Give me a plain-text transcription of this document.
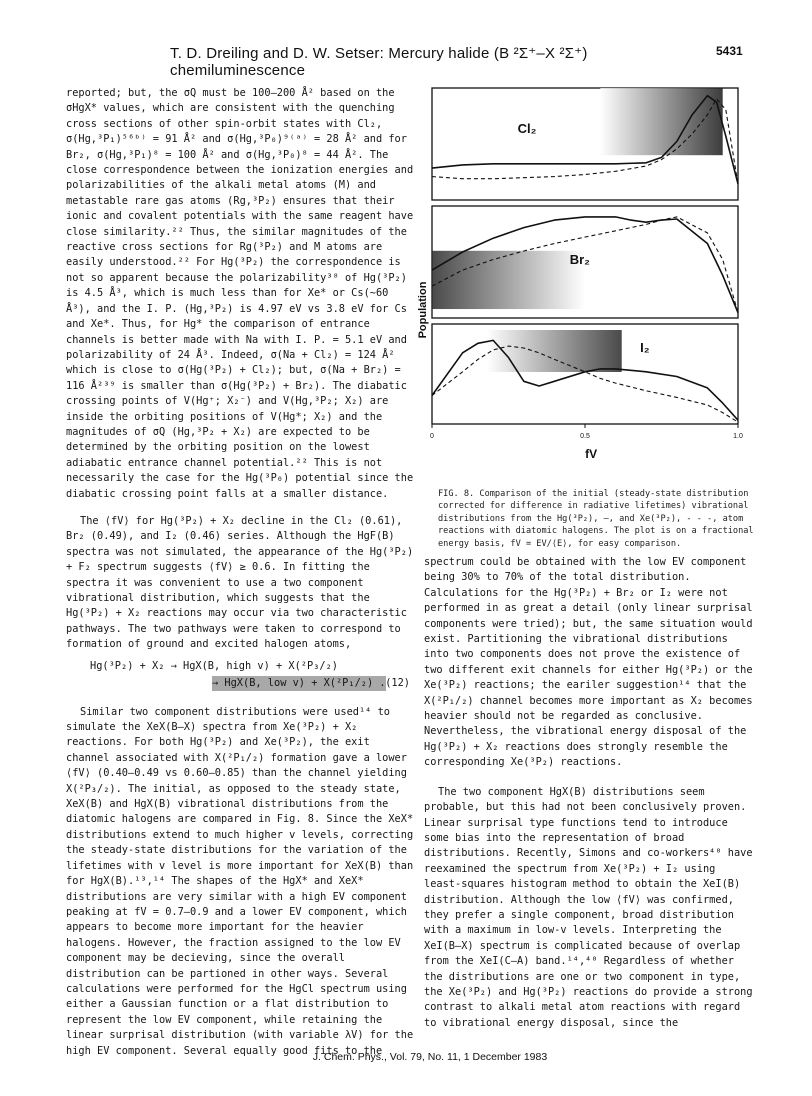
T. D. Dreiling and D. W. Setser: Mercury halide (B ²Σ⁺–X ²Σ⁺) chemiluminescence
5431

reported; but, the σQ must be 100–200 Å² based on the σHgX* values, which are consistent with the quenching cross sections of other spin-orbit states with Cl₂, σ(Hg,³P₁)⁵⁶ᵇ⁾ = 91 Å² and σ(Hg,³P₀)⁹⁽ᵃ⁾ = 28 Å² and for Br₂, σ(Hg,³P₁)⁸ = 100 Å² and σ(Hg,³P₀)⁸ = 44 Å². The close correspondence between the ionization energies and polarizabilities of the alkali metal atoms (M) and metastable rare gas atoms (Rg,³P₂) ensures that their ionic and covalent potentials with the same reagent have close similarity.²² Thus, the similar magnitudes of the reactive cross sections for Rg(³P₂) and M atoms are easily understood.²² For Hg(³P₂) the correspondence is not so apparent because the polarizability³⁸ of Hg(³P₂) is 4.5 Å³, which is much less than for Xe* or Cs(~60 Å³), and the I. P. (Hg,³P₂) is 4.97 eV vs 3.8 eV for Cs and Xe*. Thus, for Hg* the comparison of entrance channels is better made with Na with I. P. = 5.1 eV and polarizability of 24 Å³. Indeed, σ(Na + Cl₂) = 124 Å² which is close to σ(Hg(³P₂) + Cl₂); but, σ(Na + Br₂) = 116 Å²³⁹ is smaller than σ(Hg(³P₂) + Br₂). The diabatic crossing points of V(Hg⁺; X₂⁻) and V(Hg,³P₂; X₂) are inside the orbiting positions of V(Hg*; X₂) and the magnitudes of σQ (Hg,³P₂ + X₂) are expected to be determined by the orbiting position on the lowest adiabatic entrance channel potential.²² This is not necessarily the case for the Hg(³P₀) potential since the diabatic crossing point falls at a smaller distance.

The ⟨fV⟩ for Hg(³P₂) + X₂ decline in the Cl₂ (0.61), Br₂ (0.49), and I₂ (0.46) series. Although the HgF(B) spectra was not simulated, the appearance of the Hg(³P₂) + F₂ spectrum suggests ⟨fV⟩ ≥ 0.6. In fitting the spectra it was convenient to use a two component vibrational distribution, which suggests that the Hg(³P₂) + X₂ reactions may occur via two characteristic pathways. The two pathways were taken to correspond to formation of ground and excited halogen atoms,

Hg(³P₂) + X₂ → HgX(B, high v) + X(²P₃/₂)
→ HgX(B, low v) + X(²P₁/₂) . (12)

Similar two component distributions were used¹⁴ to simulate the XeX(B–X) spectra from Xe(³P₂) + X₂ reactions. For both Hg(³P₂) and Xe(³P₂), the exit channel associated with X(²P₁/₂) formation gave a lower ⟨fV⟩ (0.40–0.49 vs 0.60–0.85) than the channel yielding X(²P₃/₂). The initial, as opposed to the steady state, XeX(B) and HgX(B) vibrational distributions from the diatomic halogens are compared in Fig. 8. Since the XeX* distributions extend to much higher v levels, correcting the steady-state distributions for the variation of the lifetimes with v level is more important for XeX(B) than for HgX(B).¹³,¹⁴ The shapes of the HgX* and XeX* distributions are very similar with a high EV component peaking at fV = 0.7–0.9 and a lower EV component, which appears to become more important for the heavier halogens. However, the fraction assigned to the low EV component may be decieving, since the overall distribution can be partioned in other ways. Several calculations were performed for the HgCl spectrum using either a Gaussian function or a flat distribution to represent the low EV component, while retaining the linear surprisal distribution (with variable λV) for the high EV component. Several equally good fits to the

Cl₂
Br₂
I₂
0	0.5	1.0
fV
Population
FIG. 8. Comparison of the initial (steady-state distribution corrected for difference in radiative lifetimes) vibrational distributions from the Hg(³P₂), —, and Xe(³P₂), - - -, atom reactions with diatomic halogens. The plot is on a fractional energy basis, fV = EV/⟨E⟩, for easy comparison.

spectrum could be obtained with the low EV component being 30% to 70% of the total distribution. Calculations for the Hg(³P₂) + Br₂ or I₂ were not performed in as great a detail (only linear surprisal components were tried); but, the same situation would exist. Partitioning the vibrational distributions into two components does not prove the existence of two different exit channels for either Hg(³P₂) or the Xe(³P₂) reactions; the eariler suggestion¹⁴ that the X(²P₁/₂) channel becomes more important as X₂ becomes heavier should not be regarded as conclusive. Nevertheless, the vibrational energy disposal of the Hg(³P₂) + X₂ reactions does strongly resemble the corresponding Xe(³P₂) reactions.

The two component HgX(B) distributions seem probable, but this had not been conclusively proven. Linear surprisal type functions tend to introduce some bias into the representation of broad distributions. Recently, Simons and co-workers⁴⁰ have reexamined the spectrum from Xe(³P₂) + I₂ using least-squares histogram method to obtain the XeI(B) distribution. Although the low ⟨fV⟩ was confirmed, they prefer a single component, broad distribution with a maximum in low-v levels. Interpreting the XeI(B–X) spectrum is complicated because of overlap from the XeI(C–A) band.¹⁴,⁴⁰ Regardless of whether the distributions are one or two component in type, the Xe(³P₂) and Hg(³P₂) reactions do provide a strong contrast to alkali metal atom reactions with regard to vibrational energy disposal, since the

J. Chem. Phys., Vol. 79, No. 11, 1 December 1983
